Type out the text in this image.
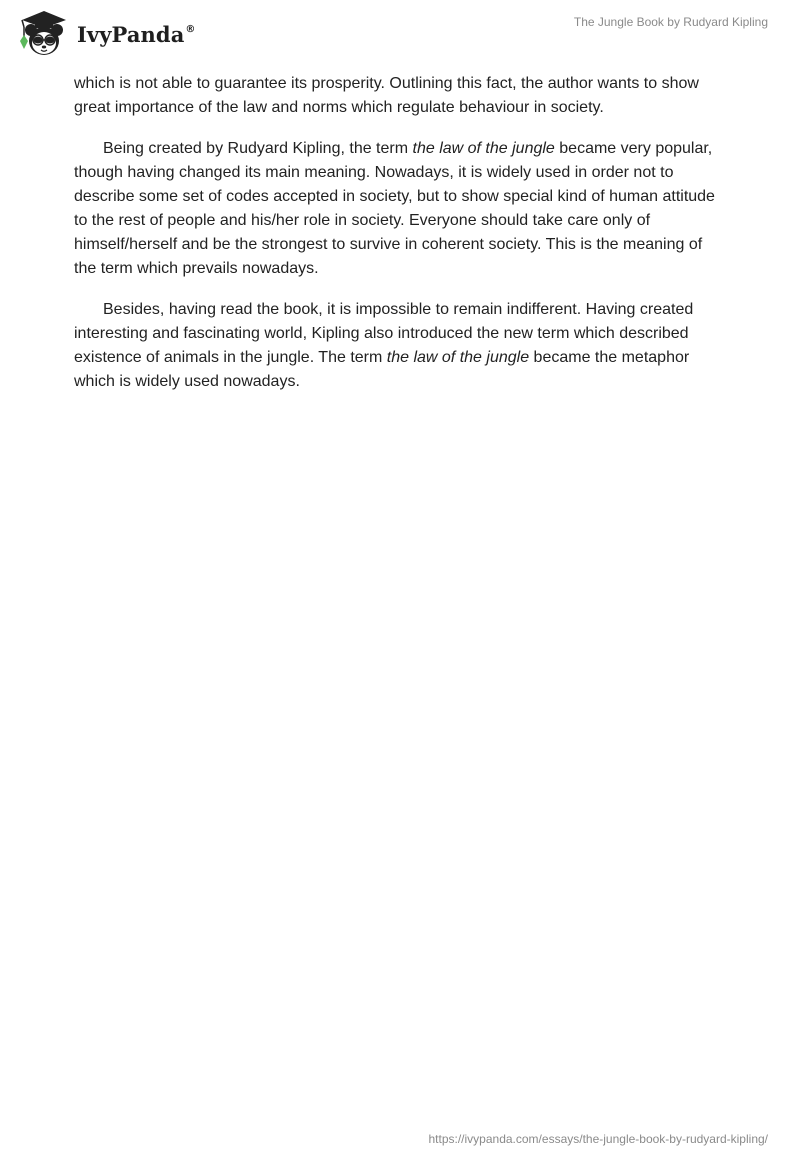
IvyPanda®	The Jungle Book by Rudyard Kipling

which is not able to guarantee its prosperity. Outlining this fact, the author wants to show great importance of the law and norms which regulate behaviour in society.

Being created by Rudyard Kipling, the term the law of the jungle became very popular, though having changed its main meaning. Nowadays, it is widely used in order not to describe some set of codes accepted in society, but to show special kind of human attitude to the rest of people and his/her role in society. Everyone should take care only of himself/herself and be the strongest to survive in coherent society. This is the meaning of the term which prevails nowadays.

Besides, having read the book, it is impossible to remain indifferent. Having created interesting and fascinating world, Kipling also introduced the new term which described existence of animals in the jungle. The term the law of the jungle became the metaphor which is widely used nowadays.

https://ivypanda.com/essays/the-jungle-book-by-rudyard-kipling/
